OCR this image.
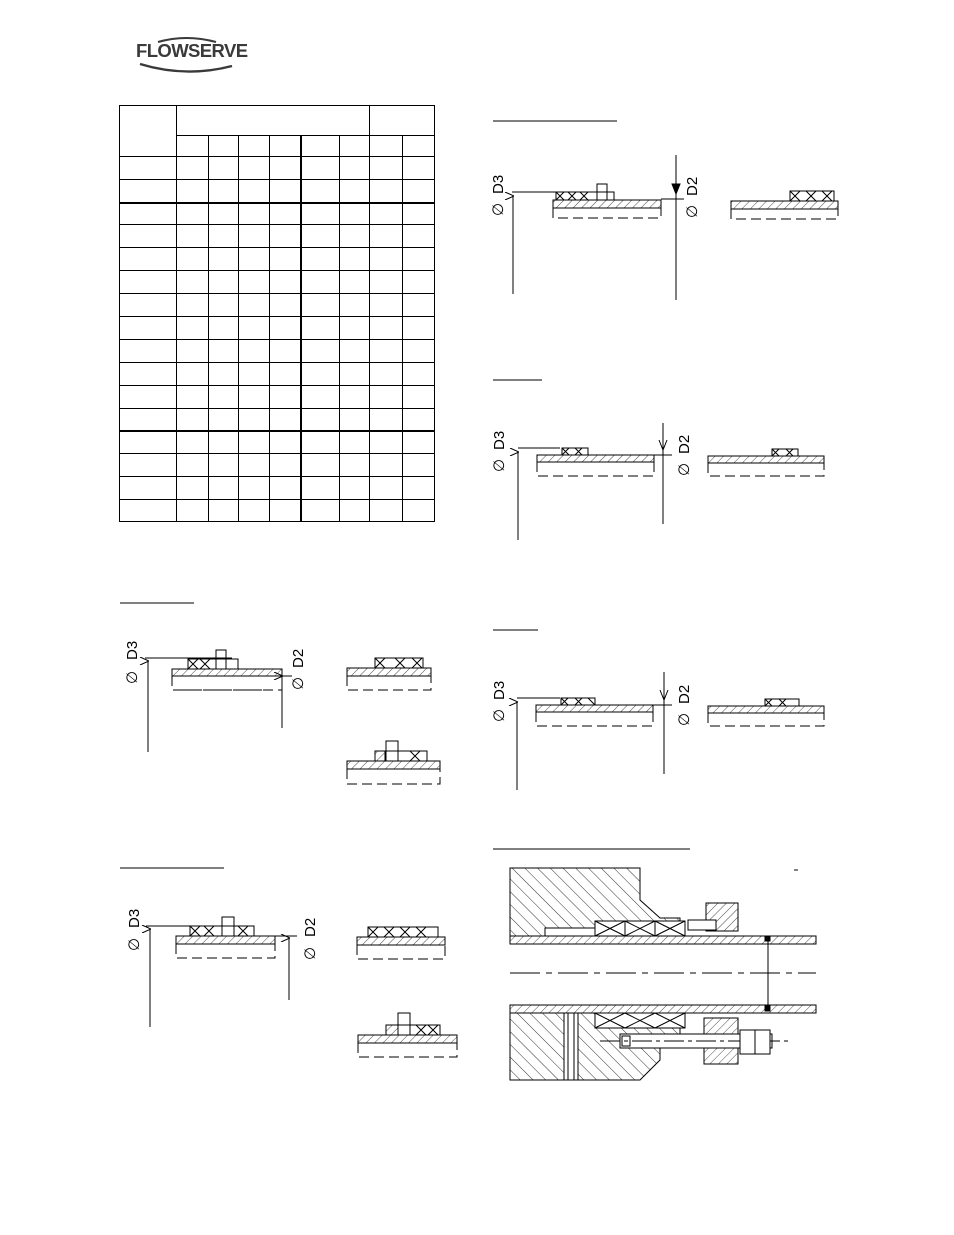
FLOWSERVE

∅
D3
∅
D2
∅
D3
∅
D2
∅
D3
∅
D2
∅
D3
∅
D2
∅
D3
∅
D2
